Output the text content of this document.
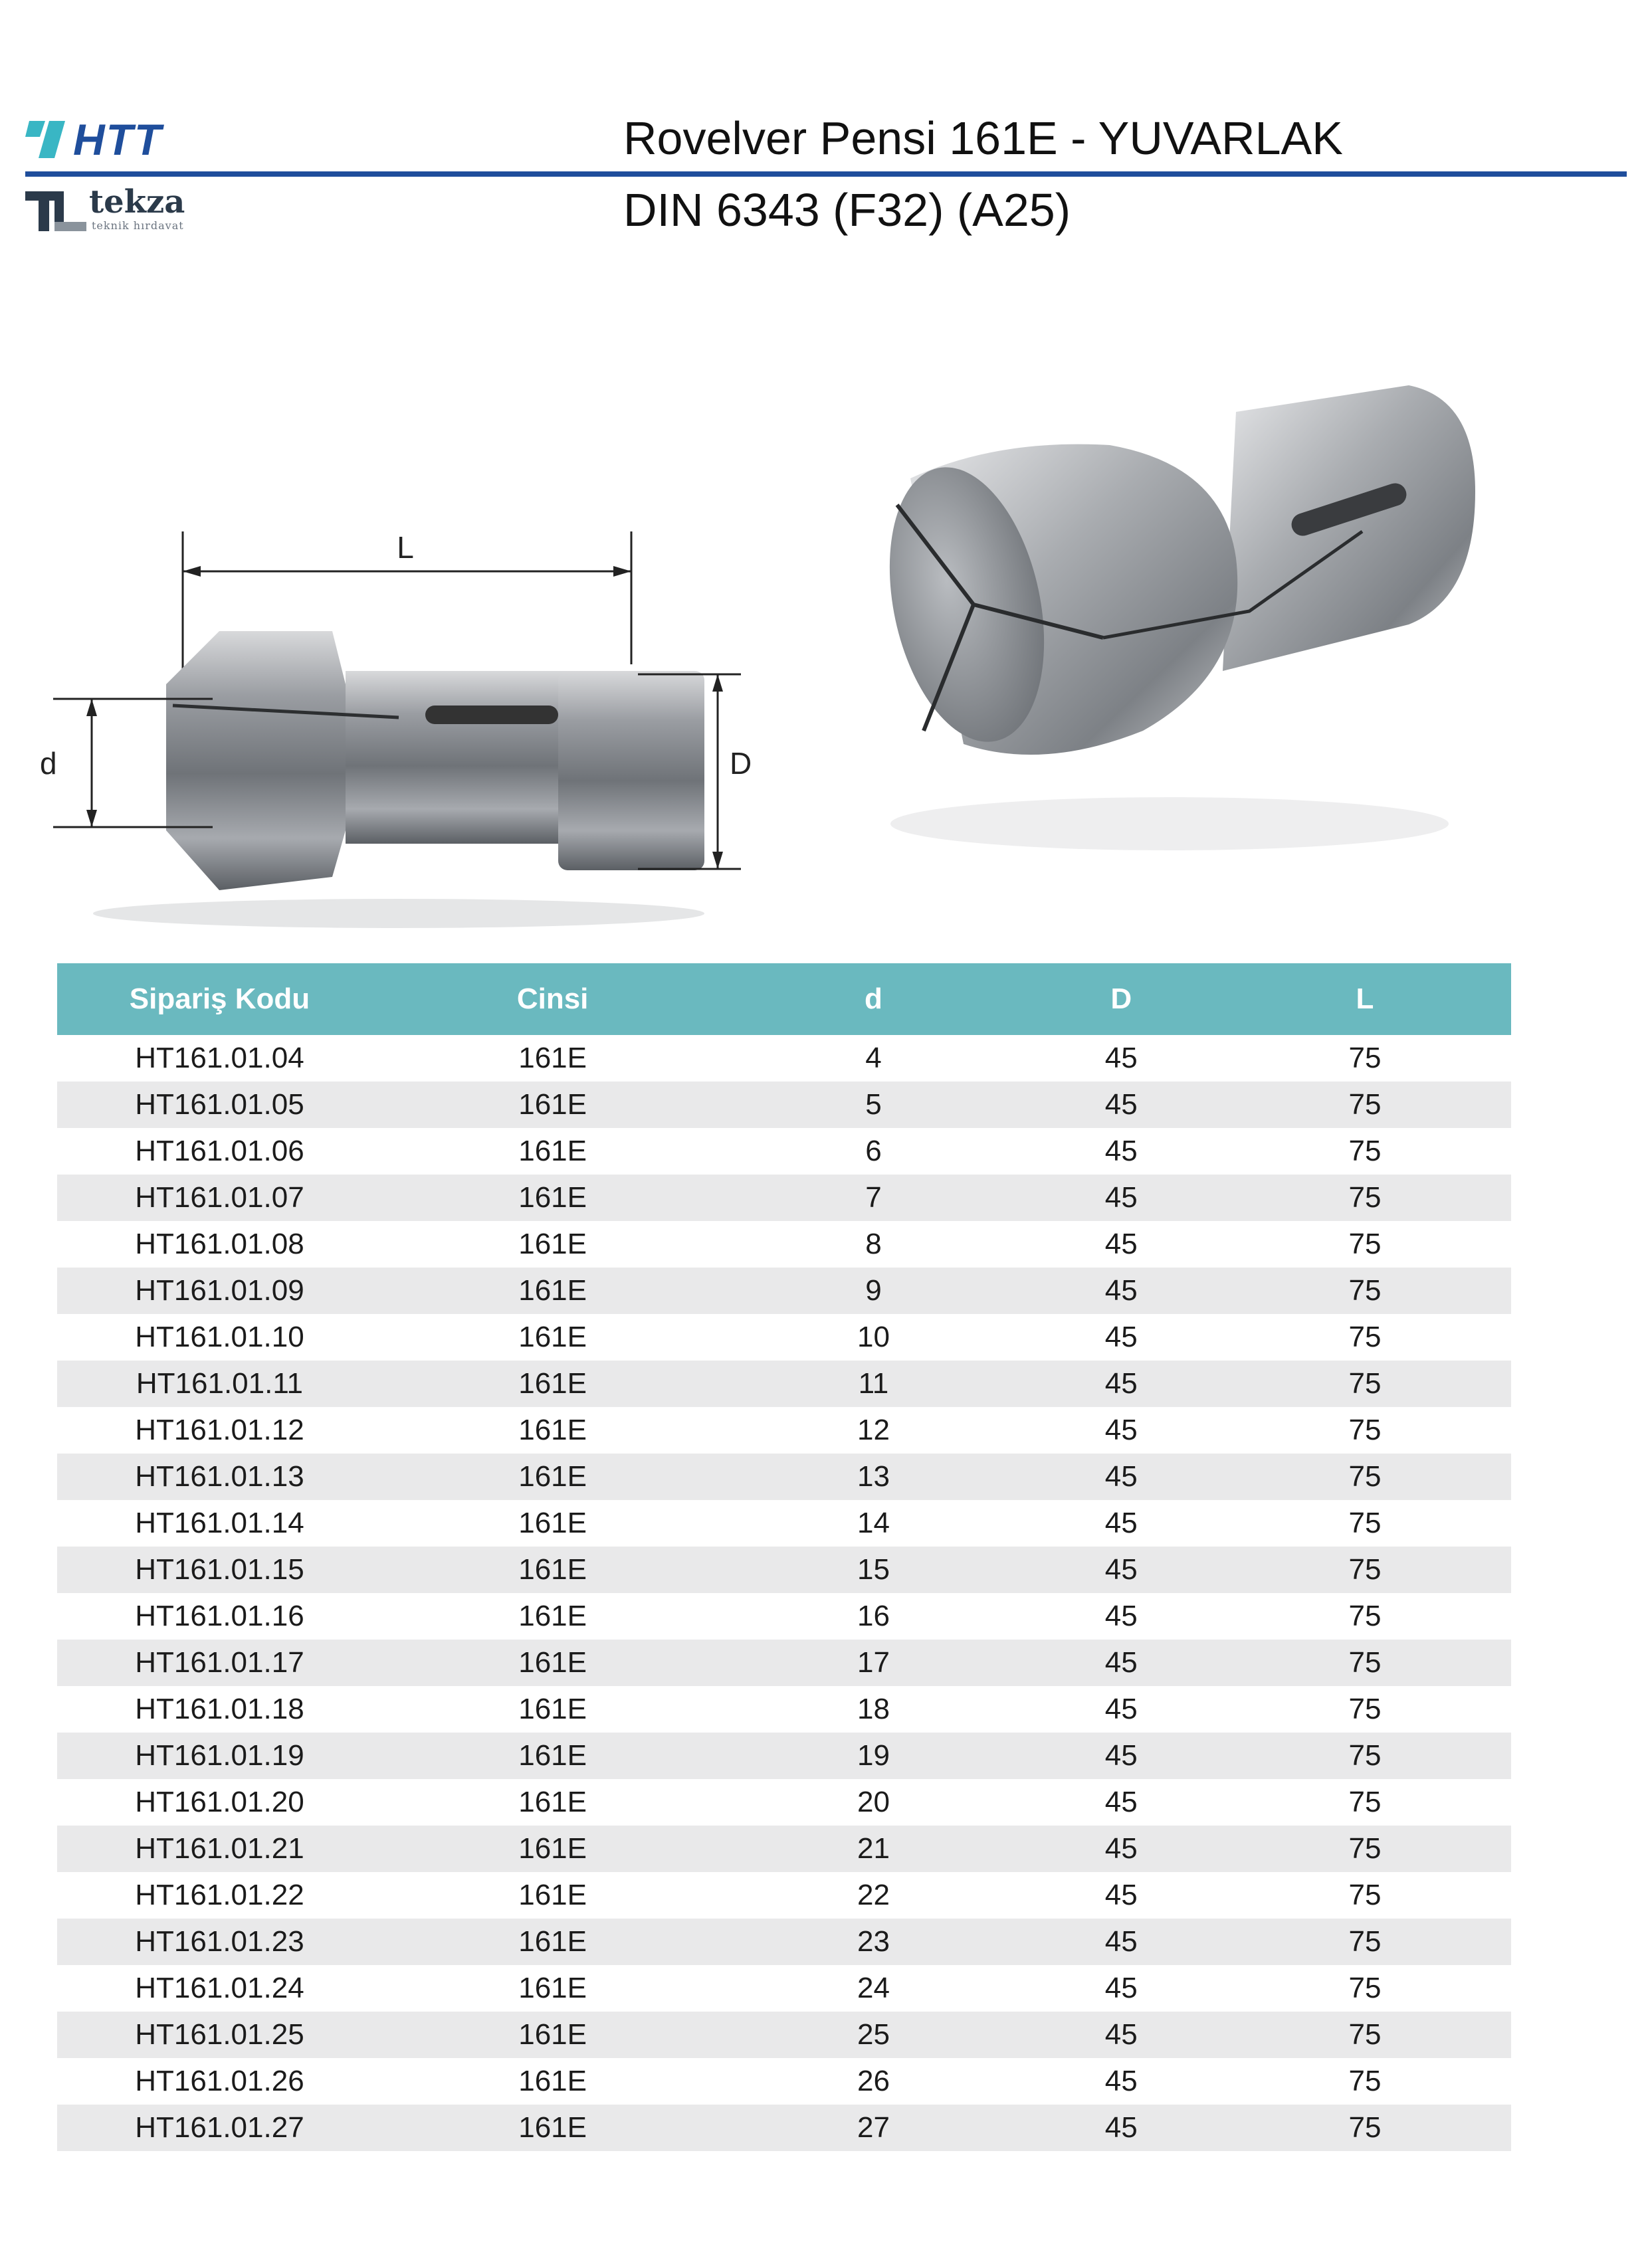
HTT
tekza
teknik hırdavat
Rovelver Pensi 161E - YUVARLAK
DIN 6343 (F32) (A25)
L
d	D
Sipariş Kodu	Cinsi	d	D	L
HT161.01.04	161E	4	45	75
HT161.01.05	161E	5	45	75
HT161.01.06	161E	6	45	75
HT161.01.07	161E	7	45	75
HT161.01.08	161E	8	45	75
HT161.01.09	161E	9	45	75
HT161.01.10	161E	10	45	75
HT161.01.11	161E	11	45	75
HT161.01.12	161E	12	45	75
HT161.01.13	161E	13	45	75
HT161.01.14	161E	14	45	75
HT161.01.15	161E	15	45	75
HT161.01.16	161E	16	45	75
HT161.01.17	161E	17	45	75
HT161.01.18	161E	18	45	75
HT161.01.19	161E	19	45	75
HT161.01.20	161E	20	45	75
HT161.01.21	161E	21	45	75
HT161.01.22	161E	22	45	75
HT161.01.23	161E	23	45	75
HT161.01.24	161E	24	45	75
HT161.01.25	161E	25	45	75
HT161.01.26	161E	26	45	75
HT161.01.27	161E	27	45	75
